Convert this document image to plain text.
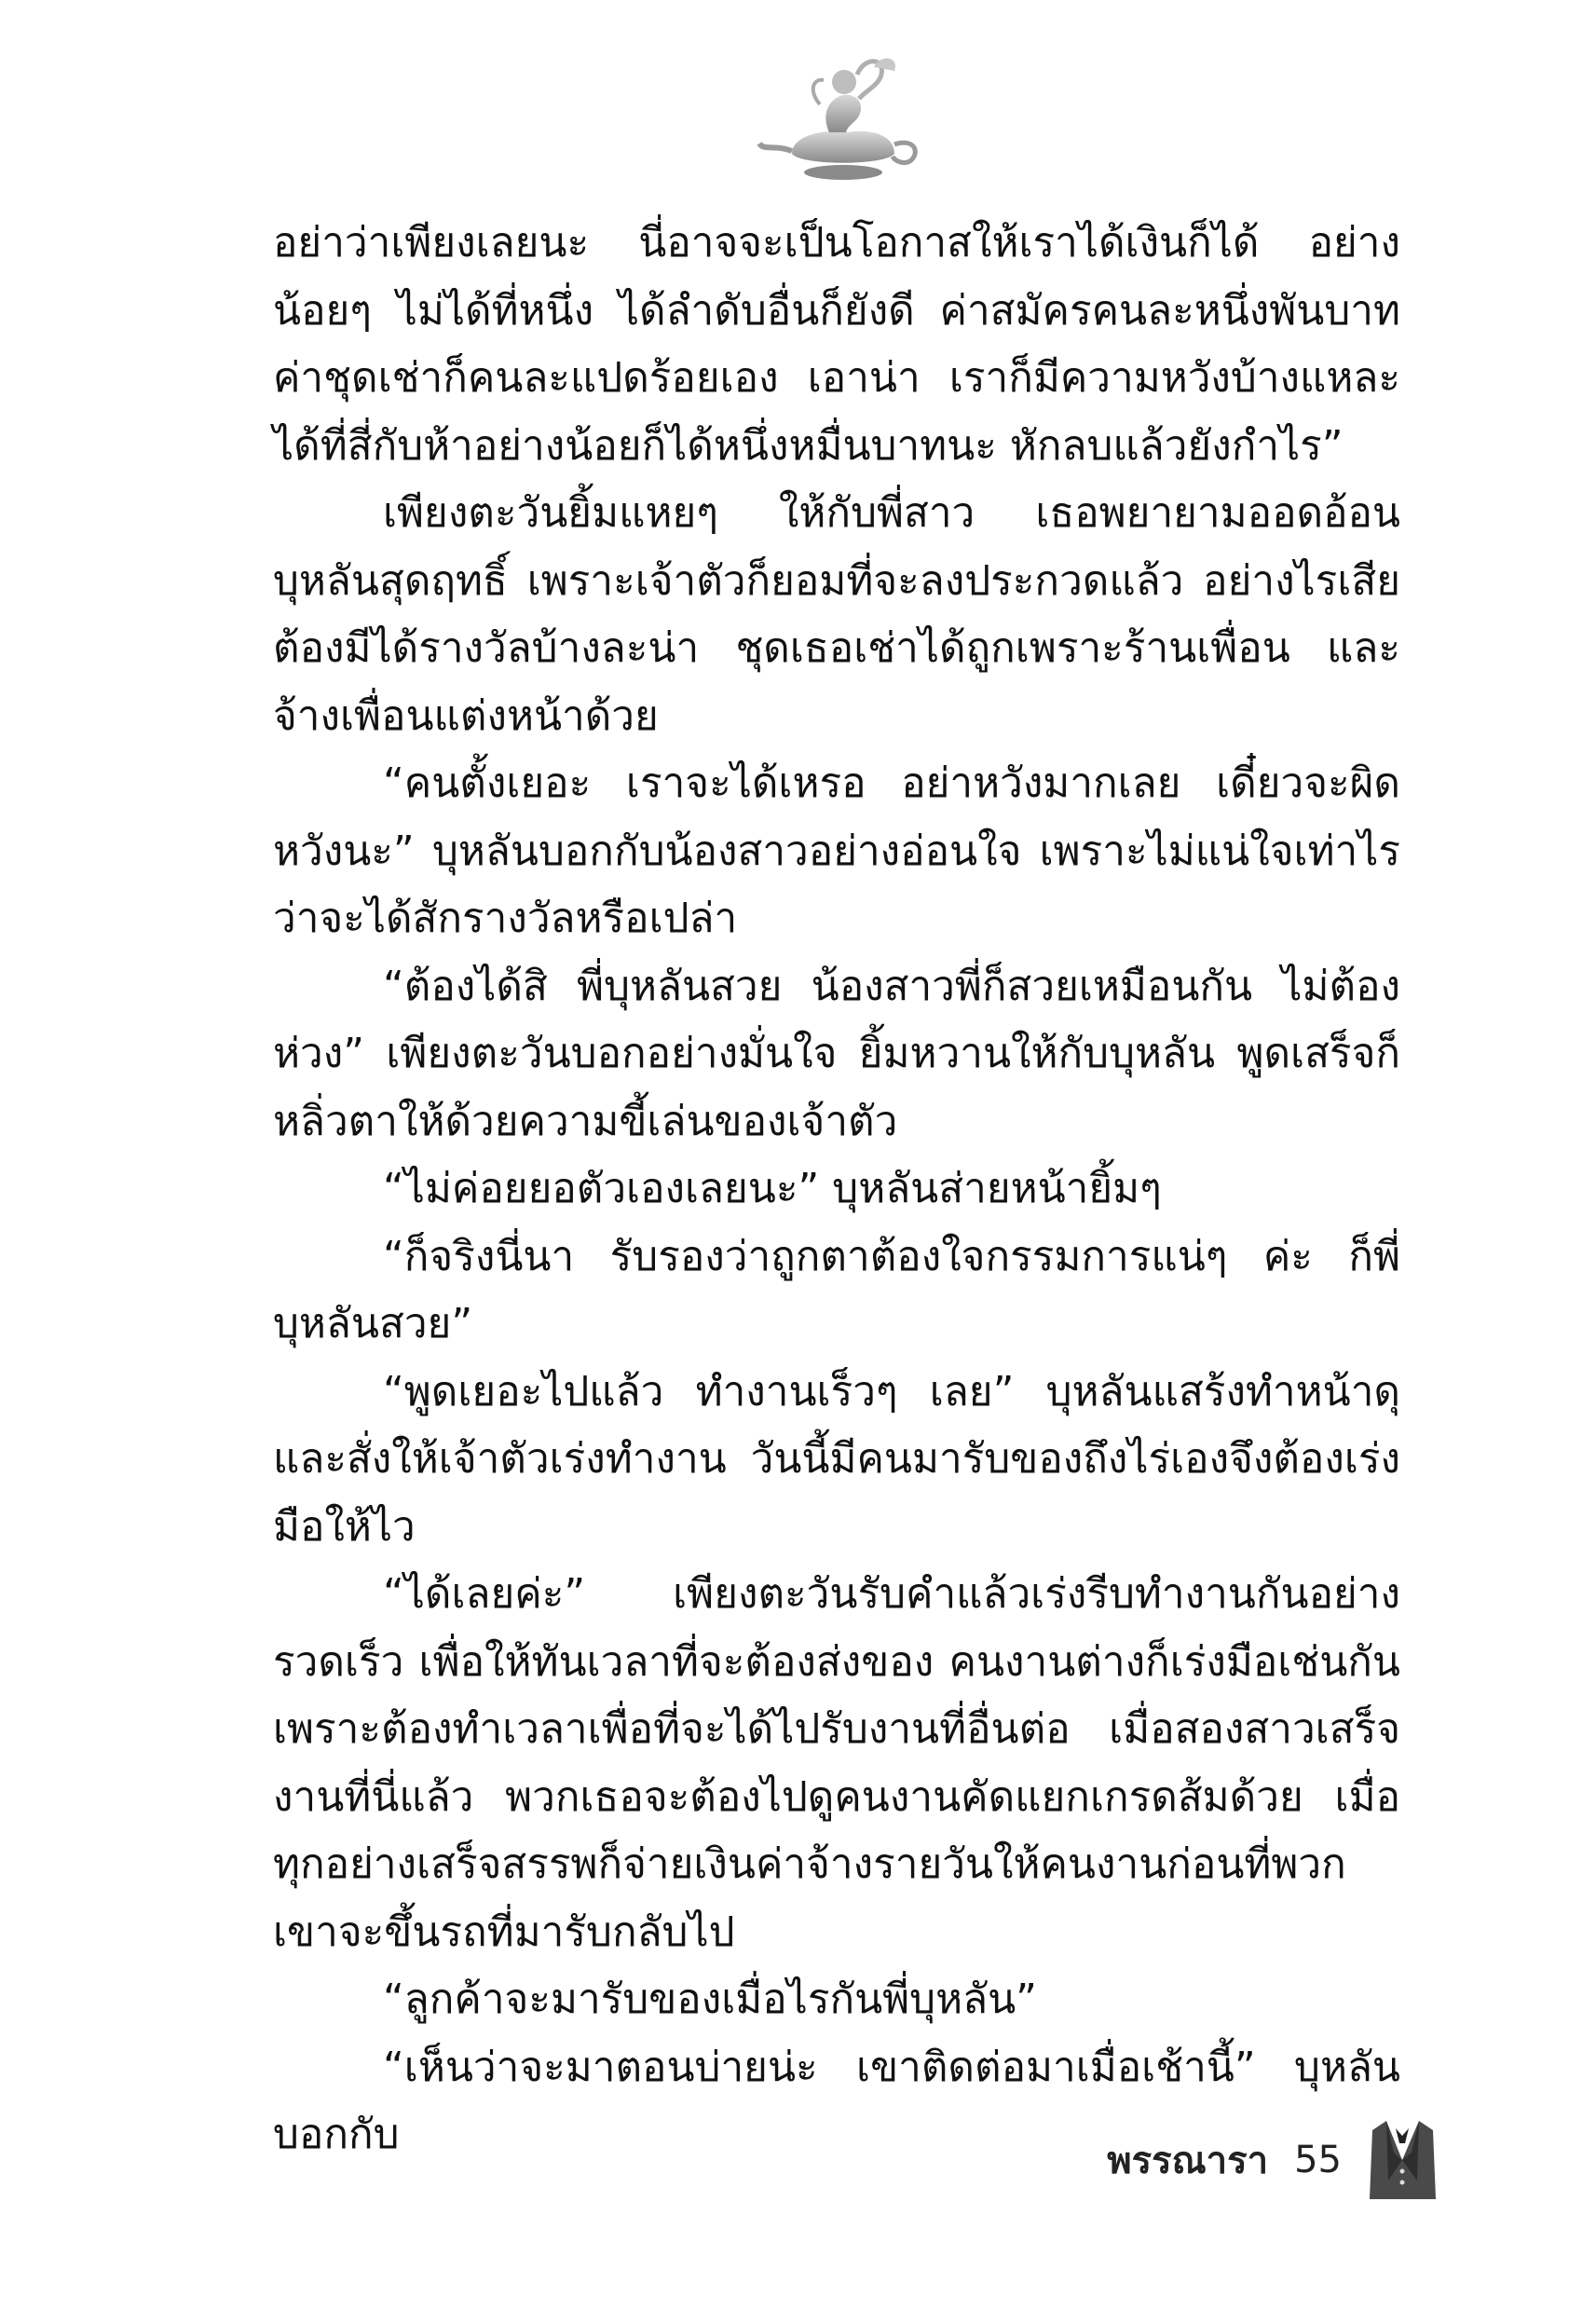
อย่าว่าเพียงเลยนะ นี่อาจจะเป็นโอกาสให้เราได้เงินก็ได้ อย่างน้อยๆ ไม่ได้ที่หนึ่ง ได้ลำดับอื่นก็ยังดี ค่าสมัครคนละหนึ่งพันบาท ค่าชุดเช่าก็คนละแปดร้อยเอง เอาน่า เราก็มีความหวังบ้างแหละ ได้ที่สี่กับห้าอย่างน้อยก็ได้หนึ่งหมื่นบาทนะ หักลบแล้วยังกำไร”

เพียงตะวันยิ้มแหยๆ ให้กับพี่สาว เธอพยายามออดอ้อนบุหลันสุดฤทธิ์ เพราะเจ้าตัวก็ยอมที่จะลงประกวดแล้ว อย่างไรเสียต้องมีได้รางวัลบ้างละน่า ชุดเธอเช่าได้ถูกเพราะร้านเพื่อน และจ้างเพื่อนแต่งหน้าด้วย

“คนตั้งเยอะ เราจะได้เหรอ อย่าหวังมากเลย เดี๋ยวจะผิดหวังนะ” บุหลันบอกกับน้องสาวอย่างอ่อนใจ เพราะไม่แน่ใจเท่าไรว่าจะได้สักรางวัลหรือเปล่า

“ต้องได้สิ พี่บุหลันสวย น้องสาวพี่ก็สวยเหมือนกัน ไม่ต้องห่วง” เพียงตะวันบอกอย่างมั่นใจ ยิ้มหวานให้กับบุหลัน พูดเสร็จก็หลิ่วตาให้ด้วยความขี้เล่นของเจ้าตัว

“ไม่ค่อยยอตัวเองเลยนะ” บุหลันส่ายหน้ายิ้มๆ

“ก็จริงนี่นา รับรองว่าถูกตาต้องใจกรรมการแน่ๆ ค่ะ ก็พี่บุหลันสวย”

“พูดเยอะไปแล้ว ทำงานเร็วๆ เลย” บุหลันแสร้งทำหน้าดุ และสั่งให้เจ้าตัวเร่งทำงาน วันนี้มีคนมารับของถึงไร่เองจึงต้องเร่งมือให้ไว

“ได้เลยค่ะ” เพียงตะวันรับคำแล้วเร่งรีบทำงานกันอย่างรวดเร็ว เพื่อให้ทันเวลาที่จะต้องส่งของ คนงานต่างก็เร่งมือเช่นกันเพราะต้องทำเวลาเพื่อที่จะได้ไปรับงานที่อื่นต่อ เมื่อสองสาวเสร็จงานที่นี่แล้ว พวกเธอจะต้องไปดูคนงานคัดแยกเกรดส้มด้วย เมื่อทุกอย่างเสร็จสรรพก็จ่ายเงินค่าจ้างรายวันให้คนงานก่อนที่พวกเขาจะขึ้นรถที่มารับกลับไป

“ลูกค้าจะมารับของเมื่อไรกันพี่บุหลัน”

“เห็นว่าจะมาตอนบ่ายน่ะ เขาติดต่อมาเมื่อเช้านี้” บุหลันบอกกับ

พรรณารา 55
